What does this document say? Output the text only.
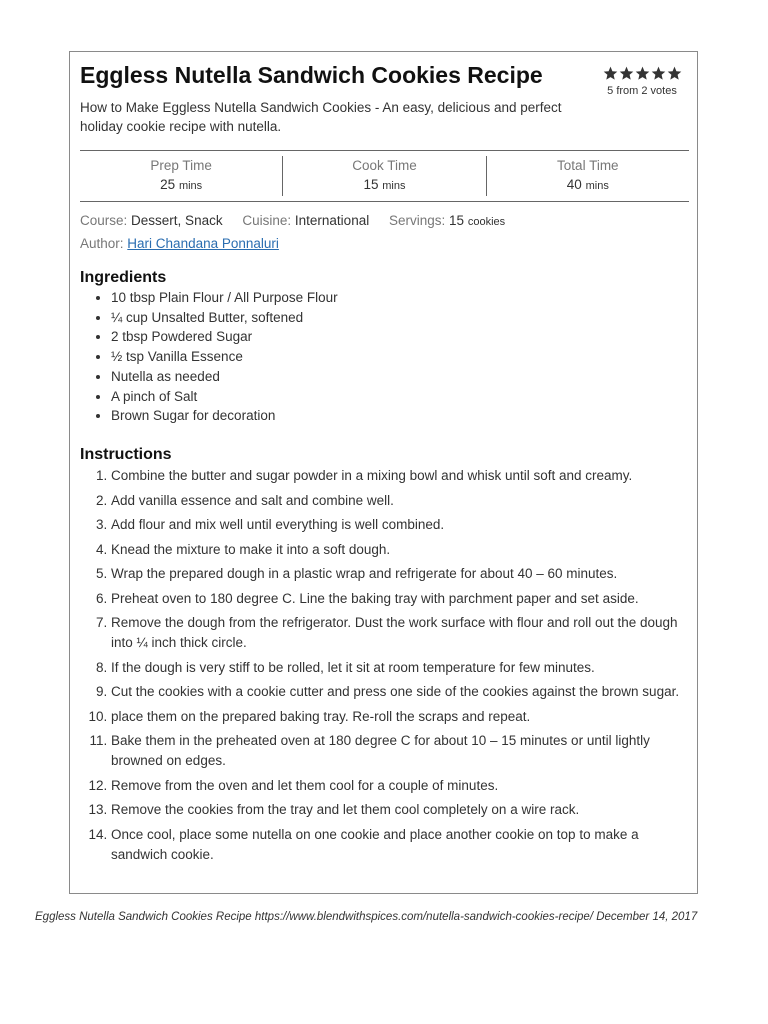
Eggless Nutella Sandwich Cookies Recipe
5 from 2 votes

How to Make Eggless Nutella Sandwich Cookies - An easy, delicious and perfect holiday cookie recipe with nutella.

Prep Time
25 mins
Cook Time
15 mins
Total Time
40 mins
Course: Dessert, Snack Cuisine: International Servings: 15 cookies
Author: Hari Chandana Ponnaluri
Ingredients
• 10 tbsp Plain Flour / All Purpose Flour
• ¼ cup Unsalted Butter, softened
• 2 tbsp Powdered Sugar
• ½ tsp Vanilla Essence
• Nutella as needed
• A pinch of Salt
• Brown Sugar for decoration
Instructions
1. Combine the butter and sugar powder in a mixing bowl and whisk until soft and creamy.
2. Add vanilla essence and salt and combine well.
3. Add flour and mix well until everything is well combined.
4. Knead the mixture to make it into a soft dough.
5. Wrap the prepared dough in a plastic wrap and refrigerate for about 40 – 60 minutes.
6. Preheat oven to 180 degree C. Line the baking tray with parchment paper and set aside.
7. Remove the dough from the refrigerator. Dust the work surface with flour and roll out the dough into ¼ inch thick circle.
8. If the dough is very stiff to be rolled, let it sit at room temperature for few minutes.
9. Cut the cookies with a cookie cutter and press one side of the cookies against the brown sugar.
10. place them on the prepared baking tray. Re-roll the scraps and repeat.
11. Bake them in the preheated oven at 180 degree C for about 10 – 15 minutes or until lightly browned on edges.
12. Remove from the oven and let them cool for a couple of minutes.
13. Remove the cookies from the tray and let them cool completely on a wire rack.
14. Once cool, place some nutella on one cookie and place another cookie on top to make a sandwich cookie.
Eggless Nutella Sandwich Cookies Recipe https://www.blendwithspices.com/nutella-sandwich-cookies-recipe/ December 14, 2017
